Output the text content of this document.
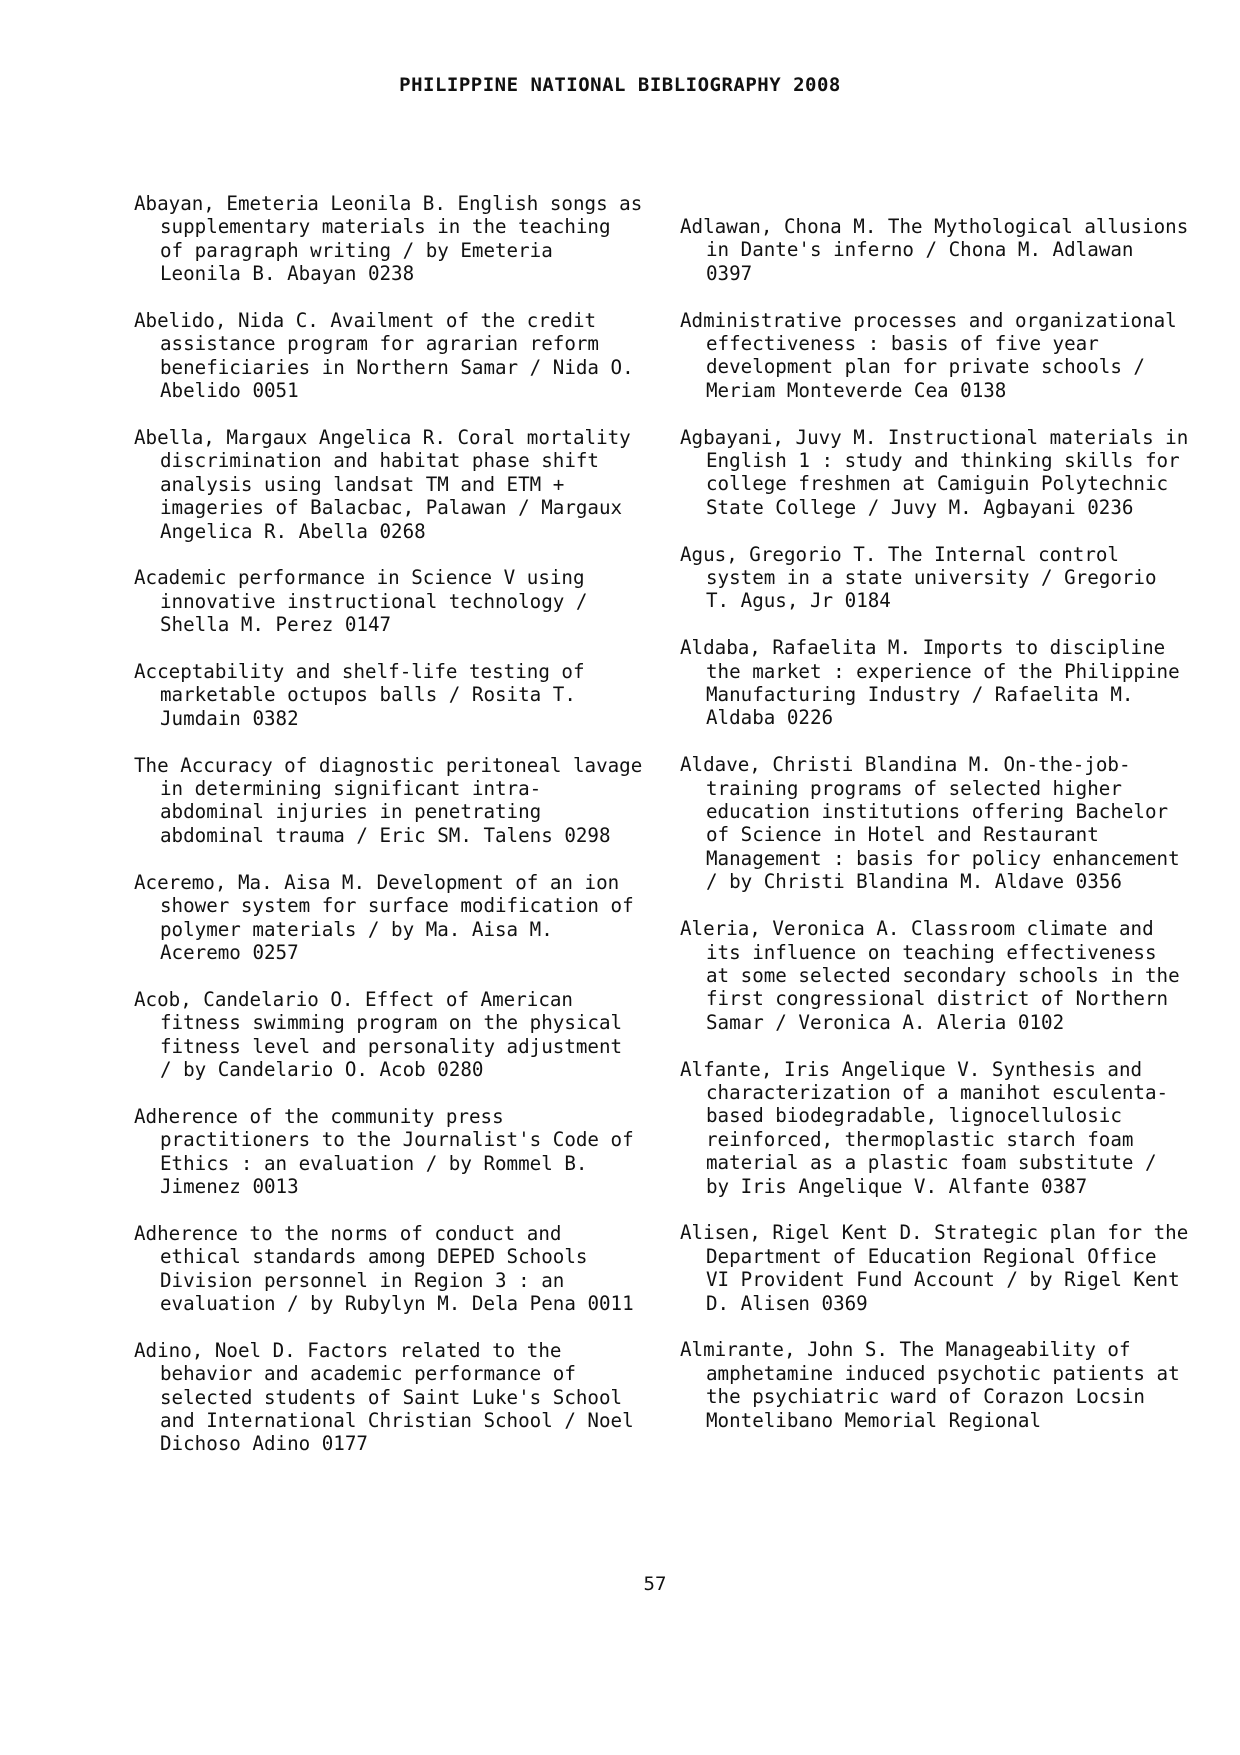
PHILIPPINE NATIONAL BIBLIOGRAPHY 2008

Abayan, Emeteria Leonila B. English songs as supplementary materials in the teaching of paragraph writing / by Emeteria Leonila B. Abayan 0238

Abelido, Nida C. Availment of the credit assistance program for agrarian reform beneficiaries in Northern Samar / Nida O. Abelido 0051

Abella, Margaux Angelica R. Coral mortality discrimination and habitat phase shift analysis using landsat TM and ETM + imageries of Balacbac, Palawan / Margaux Angelica R. Abella 0268

Academic performance in Science V using innovative instructional technology / Shella M. Perez 0147

Acceptability and shelf-life testing of marketable octupos balls / Rosita T. Jumdain 0382

The Accuracy of diagnostic peritoneal lavage in determining significant intra-abdominal injuries in penetrating abdominal trauma / Eric SM. Talens 0298

Aceremo, Ma. Aisa M. Development of an ion shower system for surface modification of polymer materials / by Ma. Aisa M. Aceremo 0257

Acob, Candelario O. Effect of American fitness swimming program on the physical fitness level and personality adjustment / by Candelario O. Acob 0280

Adherence of the community press practitioners to the Journalist's Code of Ethics : an evaluation / by Rommel B. Jimenez 0013

Adherence to the norms of conduct and ethical standards among DEPED Schools Division personnel in Region 3 : an evaluation / by Rubylyn M. Dela Pena 0011

Adino, Noel D. Factors related to the behavior and academic performance of selected students of Saint Luke's School and International Christian School / Noel Dichoso Adino 0177

Adlawan, Chona M. The Mythological allusions in Dante's inferno / Chona M. Adlawan 0397

Administrative processes and organizational effectiveness : basis of five year development plan for private schools / Meriam Monteverde Cea 0138

Agbayani, Juvy M. Instructional materials in English 1 : study and thinking skills for college freshmen at Camiguin Polytechnic State College / Juvy M. Agbayani 0236

Agus, Gregorio T. The Internal control system in a state university / Gregorio T. Agus, Jr 0184

Aldaba, Rafaelita M. Imports to discipline the market : experience of the Philippine Manufacturing Industry / Rafaelita M. Aldaba 0226

Aldave, Christi Blandina M. On-the-job-training programs of selected higher education institutions offering Bachelor of Science in Hotel and Restaurant Management : basis for policy enhancement / by Christi Blandina M. Aldave 0356

Aleria, Veronica A. Classroom climate and its influence on teaching effectiveness at some selected secondary schools in the first congressional district of Northern Samar / Veronica A. Aleria 0102

Alfante, Iris Angelique V. Synthesis and characterization of a manihot esculenta-based biodegradable, lignocellulosic reinforced, thermoplastic starch foam material as a plastic foam substitute / by Iris Angelique V. Alfante 0387

Alisen, Rigel Kent D. Strategic plan for the Department of Education Regional Office VI Provident Fund Account / by Rigel Kent D. Alisen 0369

Almirante, John S. The Manageability of amphetamine induced psychotic patients at the psychiatric ward of Corazon Locsin Montelibano Memorial Regional

57
